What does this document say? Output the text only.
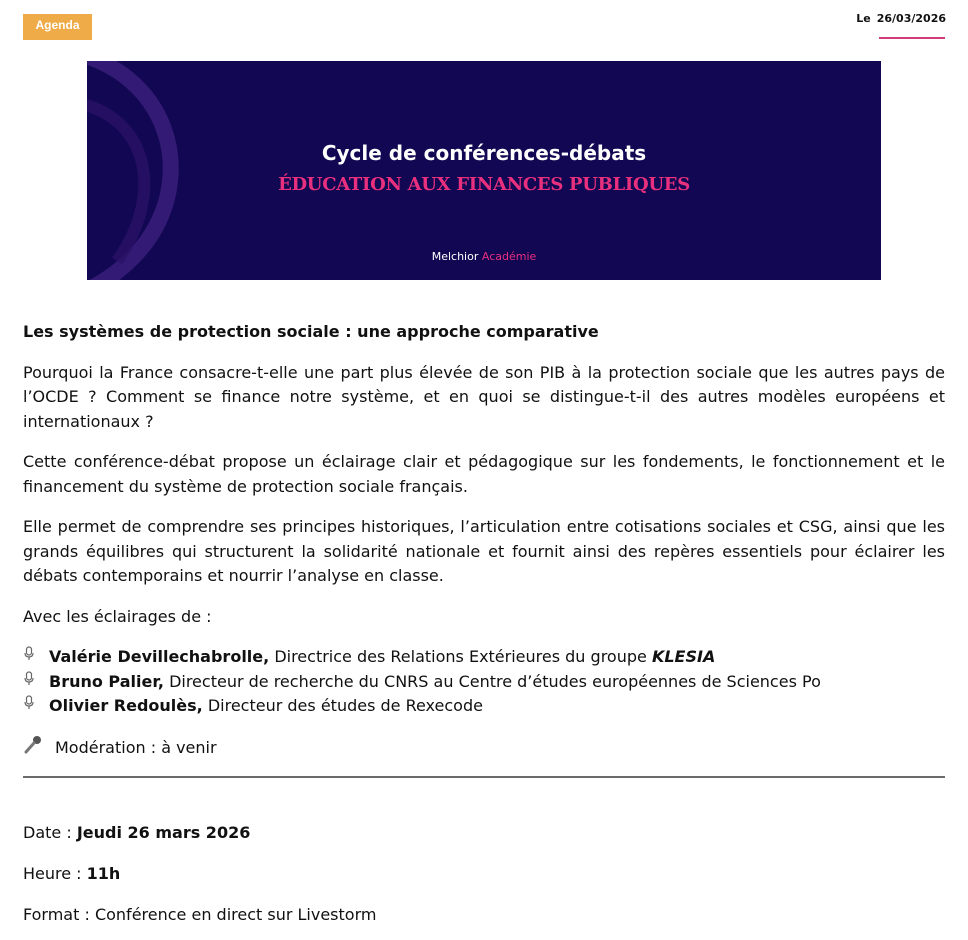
Agenda	Le 26/03/2026
Cycle de conférences-débats
ÉDUCATION AUX FINANCES PUBLIQUES
Melchior Académie

Les systèmes de protection sociale : une approche comparative

Pourquoi la France consacre-t-elle une part plus élevée de son PIB à la protection sociale que les autres pays de l’OCDE ? Comment se finance notre système, et en quoi se distingue-t-il des autres modèles européens et internationaux ?

Cette conférence-débat propose un éclairage clair et pédagogique sur les fondements, le fonctionnement et le financement du système de protection sociale français.

Elle permet de comprendre ses principes historiques, l’articulation entre cotisations sociales et CSG, ainsi que les grands équilibres qui structurent la solidarité nationale et fournit ainsi des repères essentiels pour éclairer les débats contemporains et nourrir l’analyse en classe.

Avec les éclairages de :

Valérie Devillechabrolle,
Directrice des Relations Extérieures du groupe
KLESIA
Bruno Palier,
Directeur de recherche du CNRS au Centre d’études européennes de Sciences Po
Olivier Redoulès,
Directeur des études de Rexecode
Modération : à venir
Date : Jeudi 26 mars 2026
Heure : 11h
Format : Conférence en direct sur Livestorm
